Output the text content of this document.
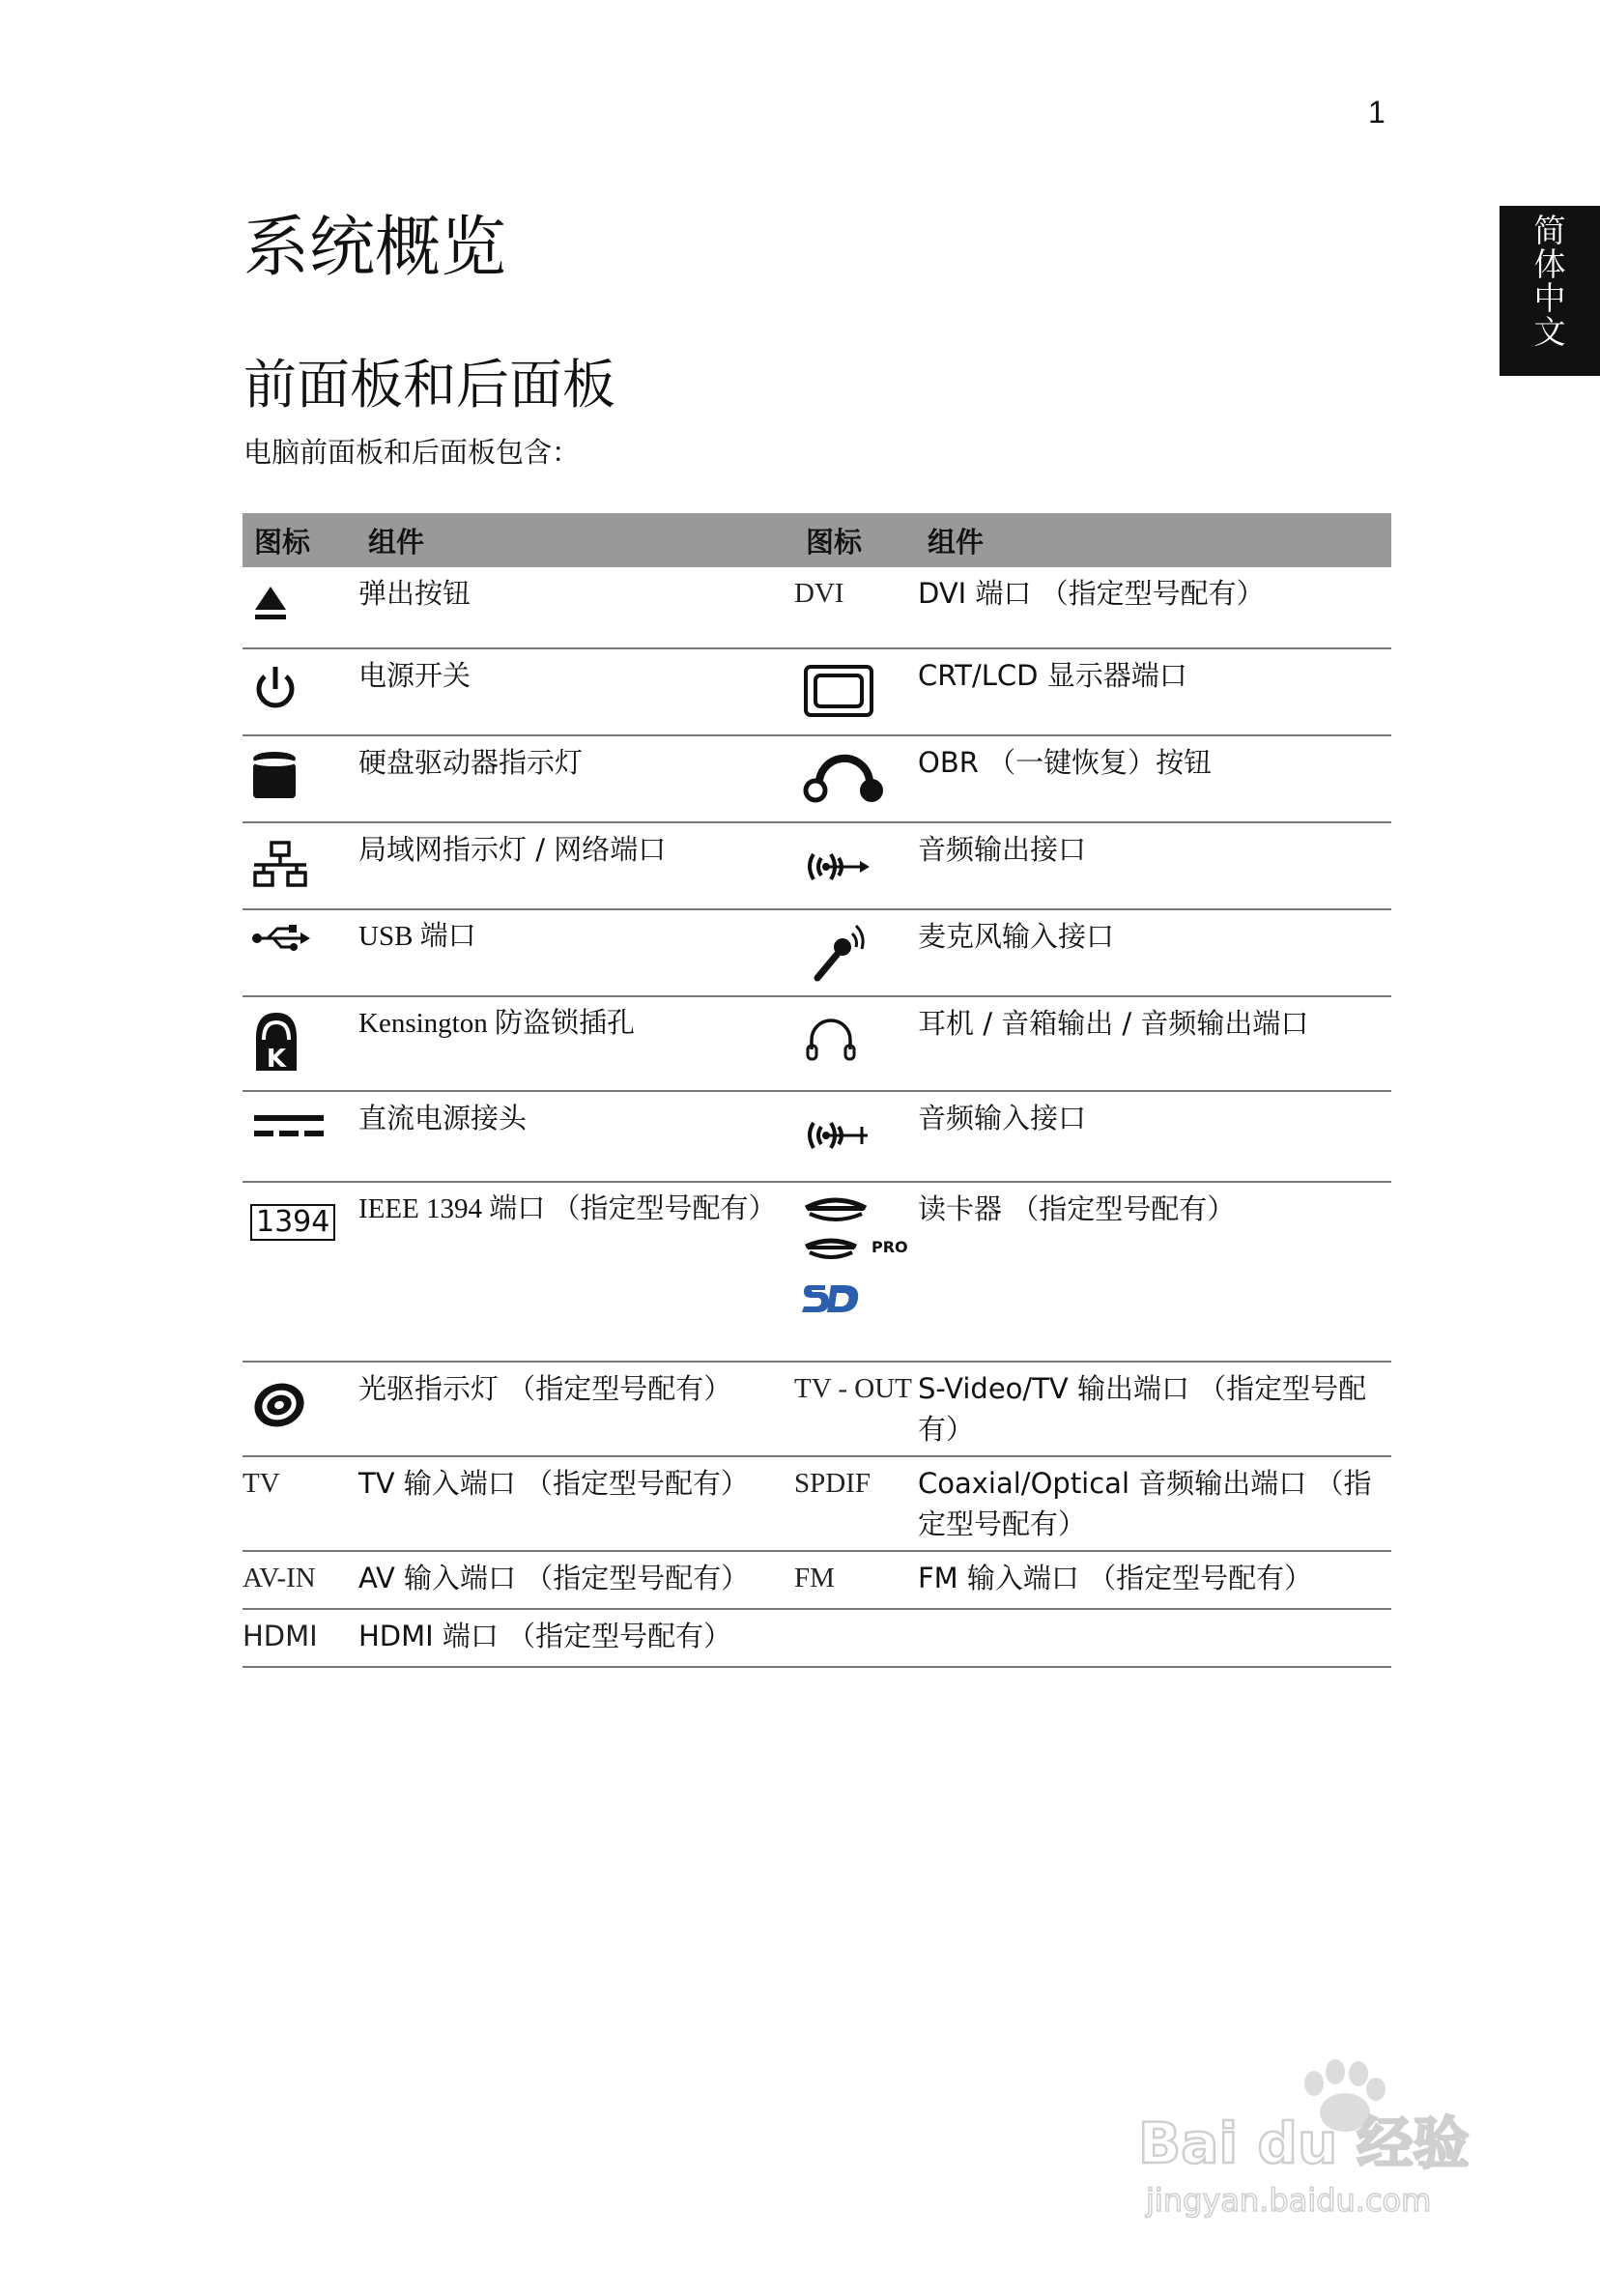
1
简
体
中
文
系统概览
前面板和后面板
电脑前面板和后面板包含：
图标	组件	图标	组件

	弹出按钮	DVI	DVI 端口 （指定型号配有）

	电源开关		CRT/LCD 显示器端口

	硬盘驱动器指示灯		OBR （一键恢复）按钮

	局域网指示灯 / 网络端口		音频输出接口

	USB 端口		麦克风输入接口

K	Kensington 防盗锁插孔		耳机 / 音箱输出 / 音频输出端口

	直流电源接头		音频输入接口
1394	IEEE 1394 端口 （指定型号配有）	PRO	读卡器 （指定型号配有）

	光驱指示灯 （指定型号配有）	TV - OUT	S-Video/TV 输出端口 （指定型号配有）
TV	TV 输入端口 （指定型号配有）	SPDIF	Coaxial/Optical 音频输出端口 （指定型号配有）
AV-IN	AV 输入端口 （指定型号配有）	FM	FM 输入端口 （指定型号配有）
HDMI	HDMI 端口 （指定型号配有）		
Bai du 经验
jingyan.baidu.com
